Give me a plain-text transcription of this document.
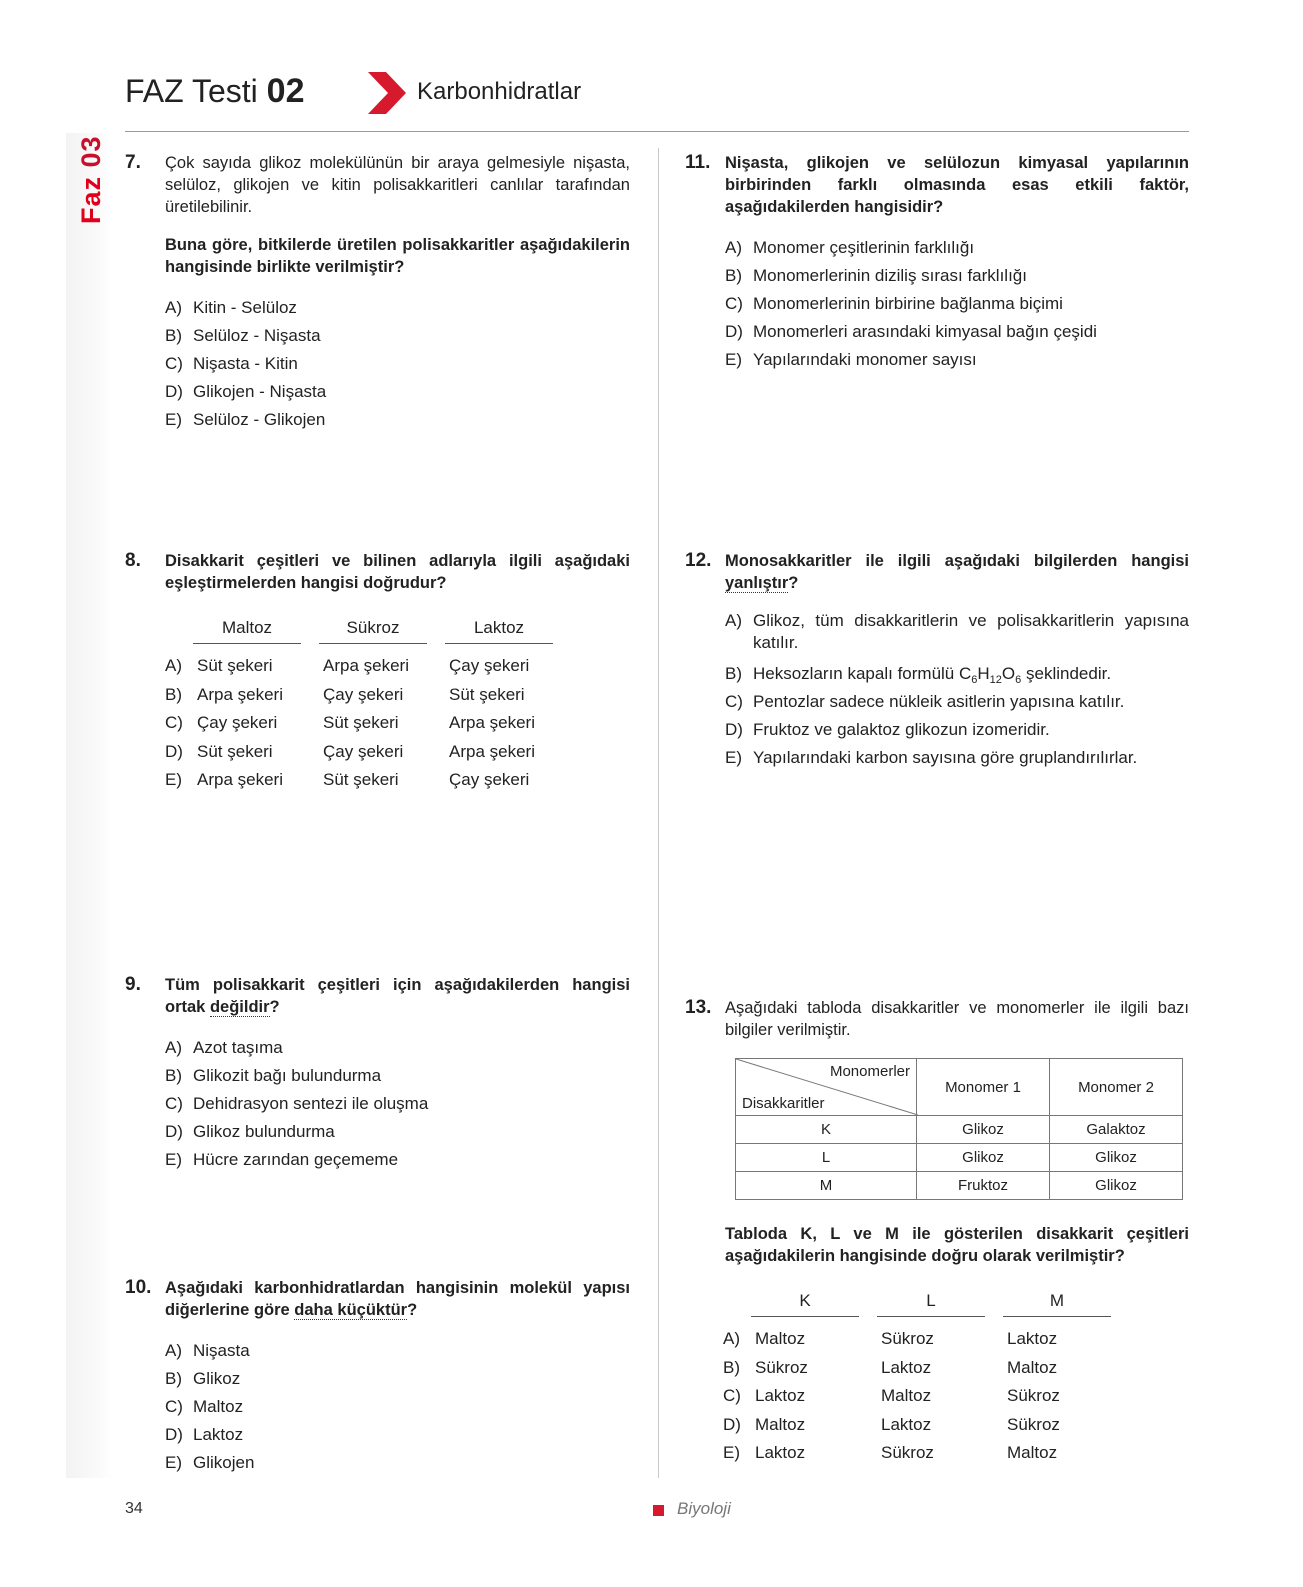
Faz 03
FAZ Testi 02	Karbonhidratlar
7. Çok sayıda glikoz molekülünün bir araya gelmesiyle nişasta, selüloz, glikojen ve kitin polisakkaritleri canlılar tarafından üretilebilinir.
Buna göre, bitkilerde üretilen polisakkaritler aşağıdakilerin hangisinde birlikte verilmiştir?
A) Kitin - Selüloz
B) Selüloz - Nişasta
C) Nişasta - Kitin
D) Glikojen - Nişasta
E) Selüloz - Glikojen
8. Disakkarit çeşitleri ve bilinen adlarıyla ilgili aşağıdaki eşleştirmelerden hangisi doğrudur?
Maltoz	Sükroz	Laktoz
A) Süt şekeri	Arpa şekeri	Çay şekeri
B) Arpa şekeri	Çay şekeri	Süt şekeri
C) Çay şekeri	Süt şekeri	Arpa şekeri
D) Süt şekeri	Çay şekeri	Arpa şekeri
E) Arpa şekeri	Süt şekeri	Çay şekeri
9. Tüm polisakkarit çeşitleri için aşağıdakilerden hangisi ortak değildir?
A) Azot taşıma
B) Glikozit bağı bulundurma
C) Dehidrasyon sentezi ile oluşma
D) Glikoz bulundurma
E) Hücre zarından geçememe
10. Aşağıdaki karbonhidratlardan hangisinin molekül yapısı diğerlerine göre daha küçüktür?
A) Nişasta
B) Glikoz
C) Maltoz
D) Laktoz
E) Glikojen
11. Nişasta, glikojen ve selülozun kimyasal yapılarının birbirinden farklı olmasında esas etkili faktör, aşağıdakilerden hangisidir?
A) Monomer çeşitlerinin farklılığı
B) Monomerlerinin diziliş sırası farklılığı
C) Monomerlerinin birbirine bağlanma biçimi
D) Monomerleri arasındaki kimyasal bağın çeşidi
E) Yapılarındaki monomer sayısı
12. Monosakkaritler ile ilgili aşağıdaki bilgilerden hangisi yanlıştır?
A) Glikoz, tüm disakkaritlerin ve polisakkaritlerin yapısına katılır.
B) Heksozların kapalı formülü $C_6H_{12}O_6$ şeklindedir.
C) Pentozlar sadece nükleik asitlerin yapısına katılır.
D) Fruktoz ve galaktoz glikozun izomeridir.
E) Yapılarındaki karbon sayısına göre gruplandırılırlar.
13. Aşağıdaki tabloda disakkaritler ve monomerler ile ilgili bazı bilgiler verilmiştir.
Monomerler
Disakkaritler	Monomer 1	Monomer 2
K	Glikoz	Galaktoz
L	Glikoz	Glikoz
M	Fruktoz	Glikoz
Tabloda K, L ve M ile gösterilen disakkarit çeşitleri aşağıdakilerin hangisinde doğru olarak verilmiştir?
K	L	M
A) Maltoz	Sükroz	Laktoz
B) Sükroz	Laktoz	Maltoz
C) Laktoz	Maltoz	Sükroz
D) Maltoz	Laktoz	Sükroz
E) Laktoz	Sükroz	Maltoz
34	Biyoloji
